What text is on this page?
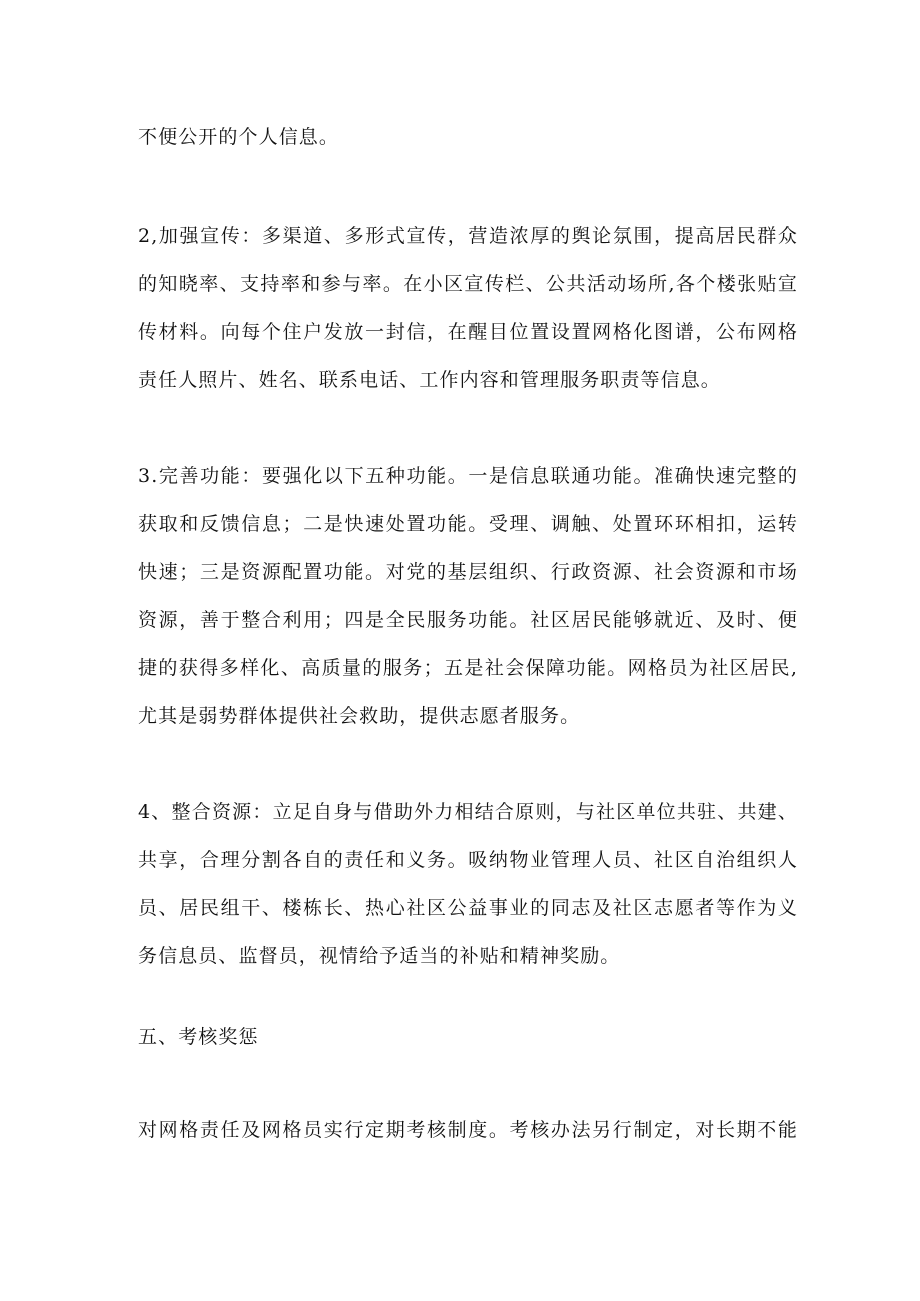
不便公开的个人信息。
2,加强宣传：多渠道、多形式宣传，营造浓厚的舆论氛围，提高居民群众
的知晓率、支持率和参与率。在小区宣传栏、公共活动场所,各个楼张贴宣
传材料。向每个住户发放一封信，在醒目位置设置网格化图谱，公布网格
责任人照片、姓名、联系电话、工作内容和管理服务职责等信息。
3.完善功能：要强化以下五种功能。一是信息联通功能。准确快速完整的
获取和反馈信息；二是快速处置功能。受理、调触、处置环环相扣，运转
快速；三是资源配置功能。对党的基层组织、行政资源、社会资源和市场
资源，善于整合利用；四是全民服务功能。社区居民能够就近、及时、便
捷的获得多样化、高质量的服务；五是社会保障功能。网格员为社区居民,
尤其是弱势群体提供社会救助，提供志愿者服务。
4、整合资源：立足自身与借助外力相结合原则，与社区单位共驻、共建、
共享，合理分割各自的责任和义务。吸纳物业管理人员、社区自治组织人
员、居民组干、楼栋长、热心社区公益事业的同志及社区志愿者等作为义
务信息员、监督员，视情给予适当的补贴和精神奖励。
五、考核奖惩
对网格责任及网格员实行定期考核制度。考核办法另行制定，对长期不能
